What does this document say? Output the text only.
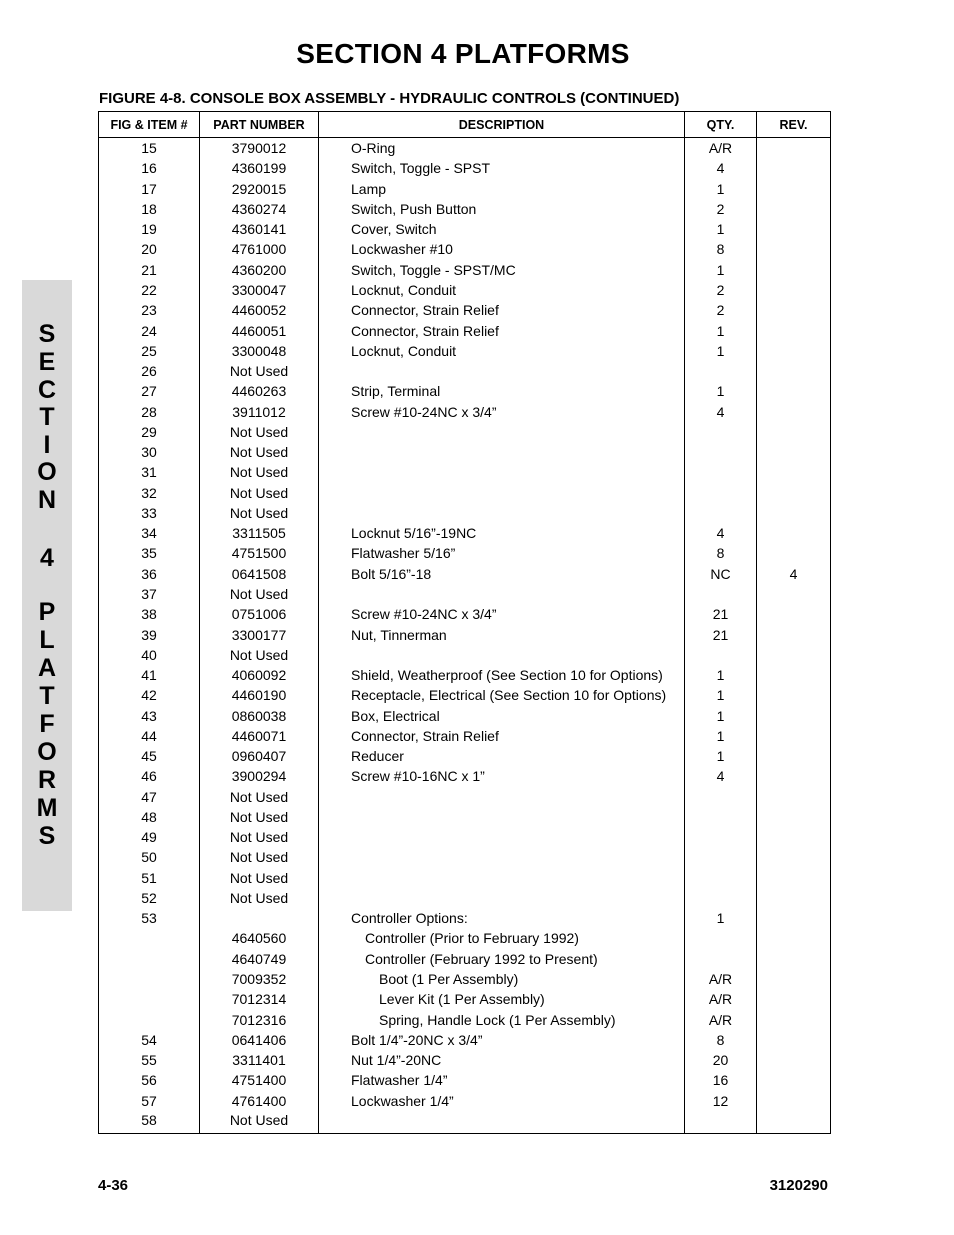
SECTION 4 PLATFORMS
FIGURE 4-8. CONSOLE BOX ASSEMBLY - HYDRAULIC CONTROLS (CONTINUED)
S
E
C
T
I
O
N
4
P
L
A
T
F
O
R
M
S
FIG & ITEM #	PART NUMBER	DESCRIPTION	QTY.	REV.
15	3790012	O-Ring	A/R	
16	4360199	Switch, Toggle - SPST	4	
17	2920015	Lamp	1	
18	4360274	Switch, Push Button	2	
19	4360141	Cover, Switch	1	
20	4761000	Lockwasher #10	8	
21	4360200	Switch, Toggle - SPST/MC	1	
22	3300047	Locknut, Conduit	2	
23	4460052	Connector, Strain Relief	2	
24	4460051	Connector, Strain Relief	1	
25	3300048	Locknut, Conduit	1	
26	Not Used			
27	4460263	Strip, Terminal	1	
28	3911012	Screw #10-24NC x 3/4”	4	
29	Not Used			
30	Not Used			
31	Not Used			
32	Not Used			
33	Not Used			
34	3311505	Locknut 5/16”-19NC	4	
35	4751500	Flatwasher 5/16”	8	
36	0641508	Bolt 5/16”-18	NC	4
37	Not Used			
38	0751006	Screw #10-24NC x 3/4”	21	
39	3300177	Nut, Tinnerman	21	
40	Not Used			
41	4060092	Shield, Weatherproof (See Section 10 for Options)	1	
42	4460190	Receptacle, Electrical (See Section 10 for Options)	1	
43	0860038	Box, Electrical	1	
44	4460071	Connector, Strain Relief	1	
45	0960407	Reducer	1	
46	3900294	Screw #10-16NC x 1”	4	
47	Not Used			
48	Not Used			
49	Not Used			
50	Not Used			
51	Not Used			
52	Not Used			
53		Controller Options:	1	
	4640560	Controller (Prior to February 1992)		
	4640749	Controller (February 1992 to Present)		
	7009352	Boot (1 Per Assembly)	A/R	
	7012314	Lever Kit (1 Per Assembly)	A/R	
	7012316	Spring, Handle Lock (1 Per Assembly)	A/R	
54	0641406	Bolt 1/4”-20NC x 3/4”	8	
55	3311401	Nut 1/4”-20NC	20	
56	4751400	Flatwasher 1/4”	16	
57	4761400	Lockwasher 1/4”	12	
58	Not Used			
4-36	3120290
